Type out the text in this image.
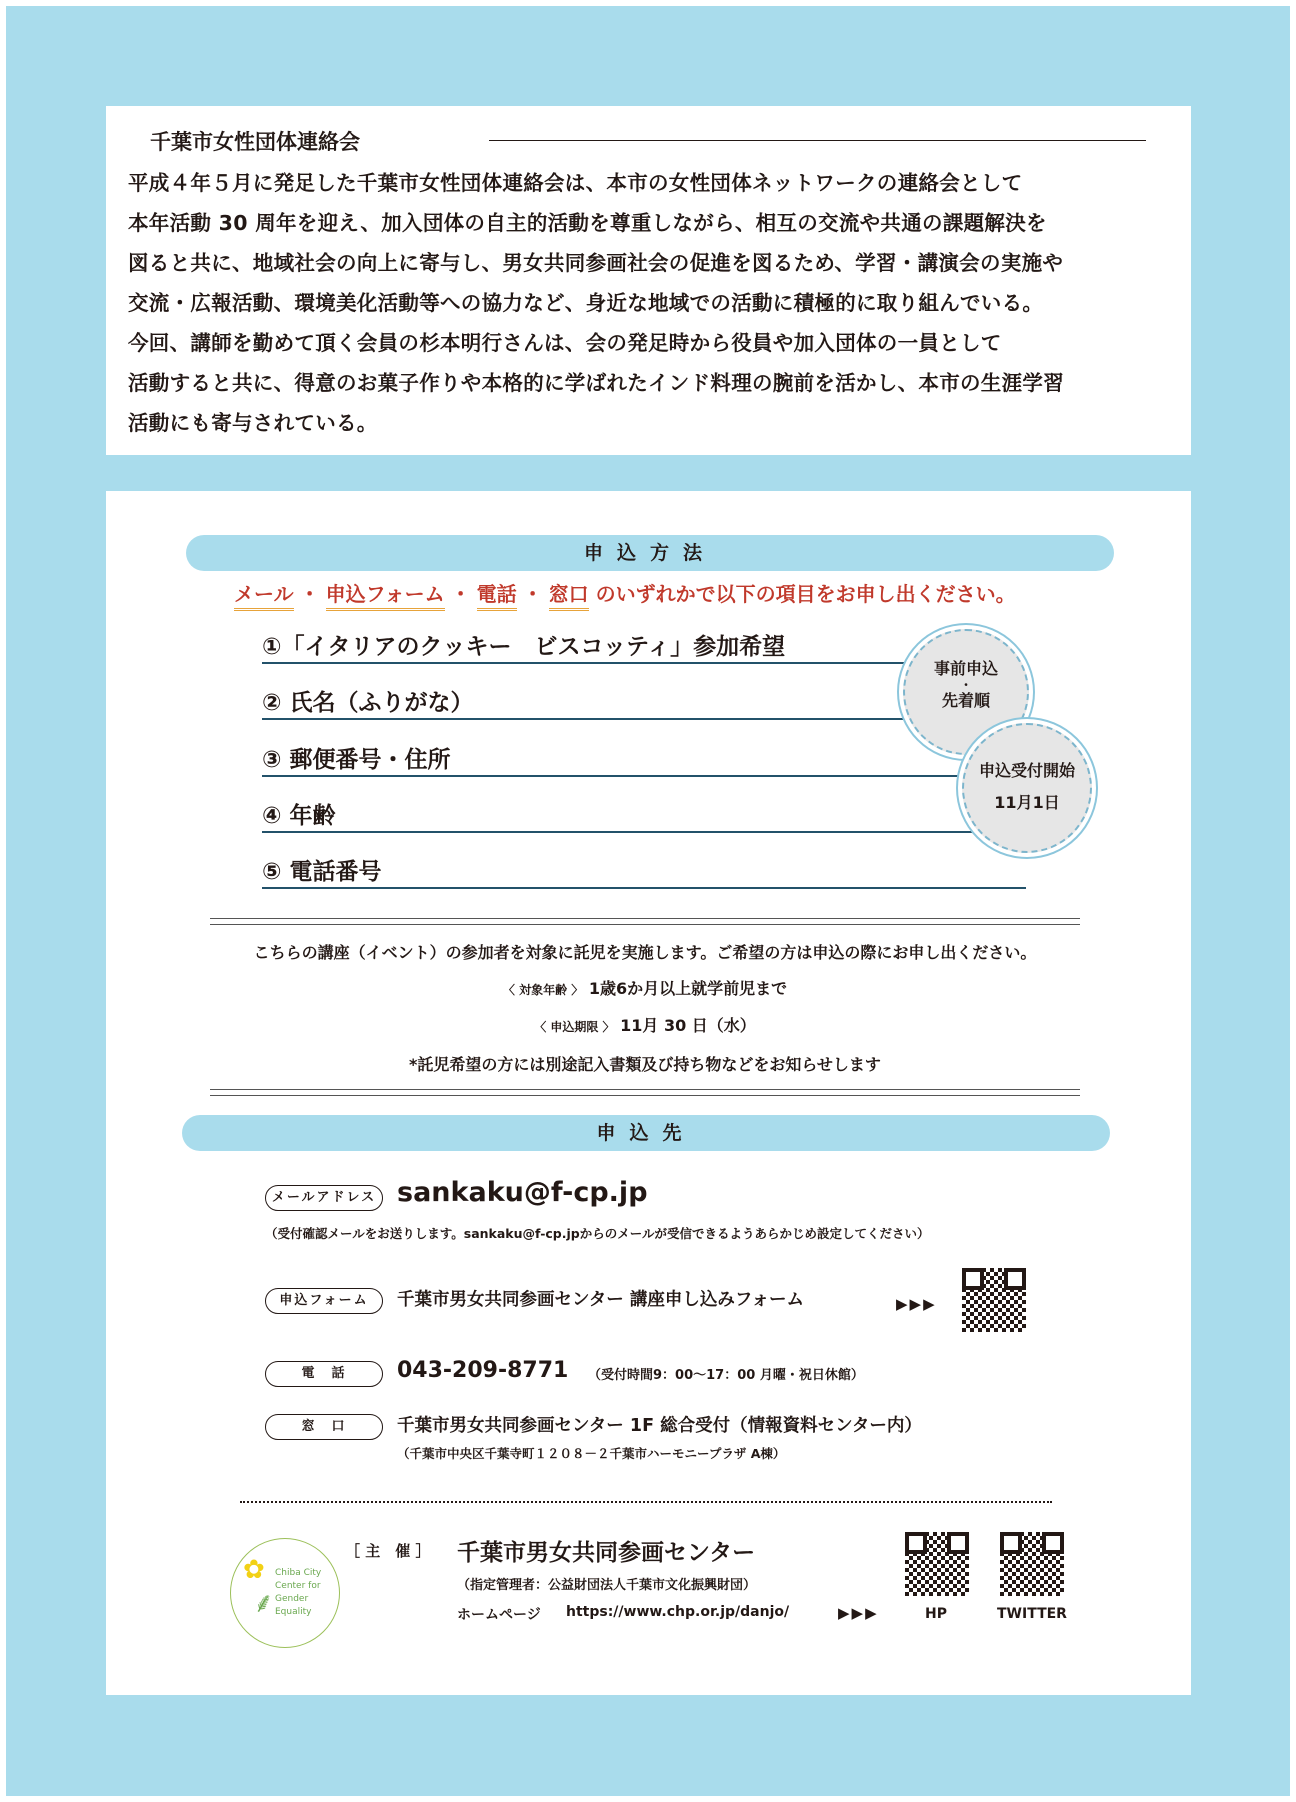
千葉市女性団体連絡会

平成４年５月に発足した千葉市女性団体連絡会は、本市の女性団体ネットワークの連絡会として

本年活動 30 周年を迎え、加入団体の自主的活動を尊重しながら、相互の交流や共通の課題解決を

図ると共に、地域社会の向上に寄与し、男女共同参画社会の促進を図るため、学習・講演会の実施や

交流・広報活動、環境美化活動等への協力など、身近な地域での活動に積極的に取り組んでいる。

今回、講師を勤めて頂く会員の杉本明行さんは、会の発足時から役員や加入団体の一員として

活動すると共に、得意のお菓子作りや本格的に学ばれたインド料理の腕前を活かし、本市の生涯学習

活動にも寄与されている。

申込方法
メール ・ 申込フォーム ・ 電話 ・ 窓口 のいずれかで以下の項目をお申し出ください。
①「イタリアのクッキー　ビスコッティ」参加希望
② 氏名（ふりがな）
③ 郵便番号・住所
④ 年齢
⑤ 電話番号
事前申込
・
先着順
申込受付開始
11月1日
こちらの講座（イベント）の参加者を対象に託児を実施します。ご希望の方は申込の際にお申し出ください。
〈 対象年齢 〉 1歳6か月以上就学前児まで
〈 申込期限 〉 11月 30 日（水）
*託児希望の方には別途記入書類及び持ち物などをお知らせします
申込先
メールアドレス sankaku@f-cp.jp
（受付確認メールをお送りします。sankaku@f-cp.jpからのメールが受信できるようあらかじめ設定してください）
申込フォーム	千葉市男女共同参画センター 講座申し込みフォーム	▶▶▶
電　話	043-209-8771 （受付時間9：00～17：00 月曜・祝日休館）
窓　口	千葉市男女共同参画センター 1F 総合受付（情報資料センター内）
（千葉市中央区千葉寺町１２０８－２千葉市ハーモニープラザ A棟）
✿
⸙
Chiba City
Center for
Gender
Equality
［ 主　催 ］ 千葉市男女共同参画センター
（指定管理者：公益財団法人千葉市文化振興財団）
ホームページ https://www.chp.or.jp/danjo/	▶▶▶	HP	TWITTER
